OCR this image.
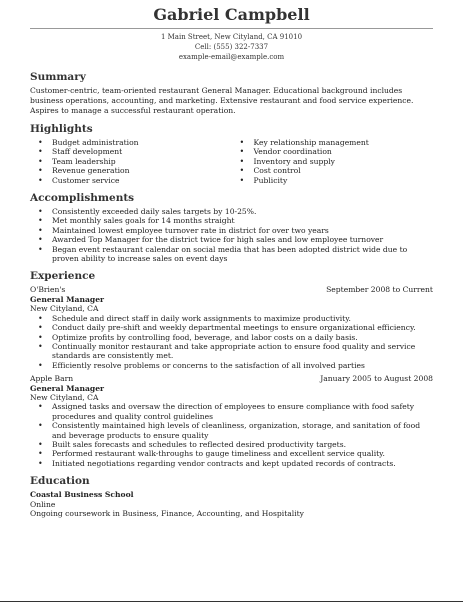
Gabriel Campbell
1 Main Street, New Cityland, CA 91010
Cell: (555) 322-7337
example-email@example.com
Summary

Customer-centric, team-oriented restaurant General Manager. Educational background includes business operations, accounting, and marketing. Extensive restaurant and food service experience. Aspires to manage a successful restaurant operation.

Highlights
• Budget administration
• Staff development
• Team leadership
• Revenue generation
• Customer service
• Key relationship management
• Vendor coordination
• Inventory and supply
• Cost control
• Publicity
Accomplishments
• Consistently exceeded daily sales targets by 10-25%.
• Met monthly sales goals for 14 months straight
• Maintained lowest employee turnover rate in district for over two years
• Awarded Top Manager for the district twice for high sales and low employee turnover
• Began event restaurant calendar on social media that has been adopted district wide due to proven ability to increase sales on event days
Experience
O'Brien's	September 2008 to Current
General Manager
New Cityland, CA
• Schedule and direct staff in daily work assignments to maximize productivity.
• Conduct daily pre-shift and weekly departmental meetings to ensure organizational efficiency.
• Optimize profits by controlling food, beverage, and labor costs on a daily basis.
• Continually monitor restaurant and take appropriate action to ensure food quality and service standards are consistently met.
• Efficiently resolve problems or concerns to the satisfaction of all involved parties
Apple Barn	January 2005 to August 2008
General Manager
New Cityland, CA
• Assigned tasks and oversaw the direction of employees to ensure compliance with food safety procedures and quality control guidelines
• Consistently maintained high levels of cleanliness, organization, storage, and sanitation of food and beverage products to ensure quality
• Built sales forecasts and schedules to reflected desired productivity targets.
• Performed restaurant walk-throughs to gauge timeliness and excellent service quality.
• Initiated negotiations regarding vendor contracts and kept updated records of contracts.
Education
Coastal Business School
Online
Ongoing coursework in Business, Finance, Accounting, and Hospitality
